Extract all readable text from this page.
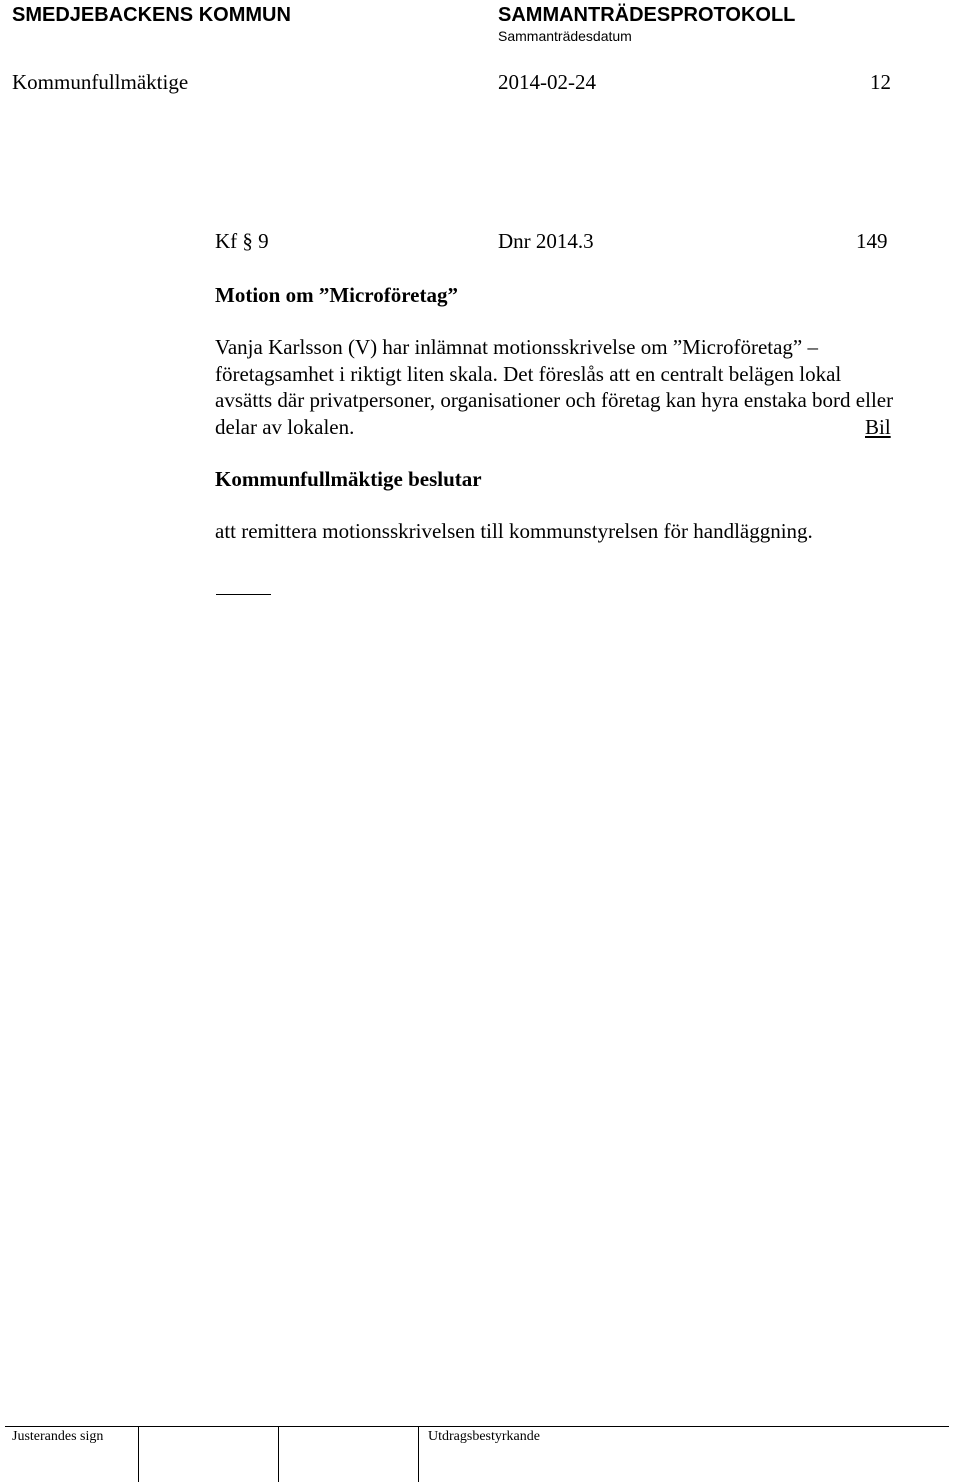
SMEDJEBACKENS KOMMUN	SAMMANTRÄDESPROTOKOLL
Sammanträdesdatum
Kommunfullmäktige	2014-02-24	12
Kf § 9	Dnr 2014.3	149
Motion om ”Microföretag”
Vanja Karlsson (V) har inlämnat motionsskrivelse om ”Microföretag” –
företagsamhet i riktigt liten skala. Det föreslås att en centralt belägen lokal
avsätts där privatpersoner, organisationer och företag kan hyra enstaka bord eller
delar av lokalen.	Bil
Kommunfullmäktige beslutar
att remittera motionsskrivelsen till kommunstyrelsen för handläggning.
Justerandes sign	Utdragsbestyrkande
